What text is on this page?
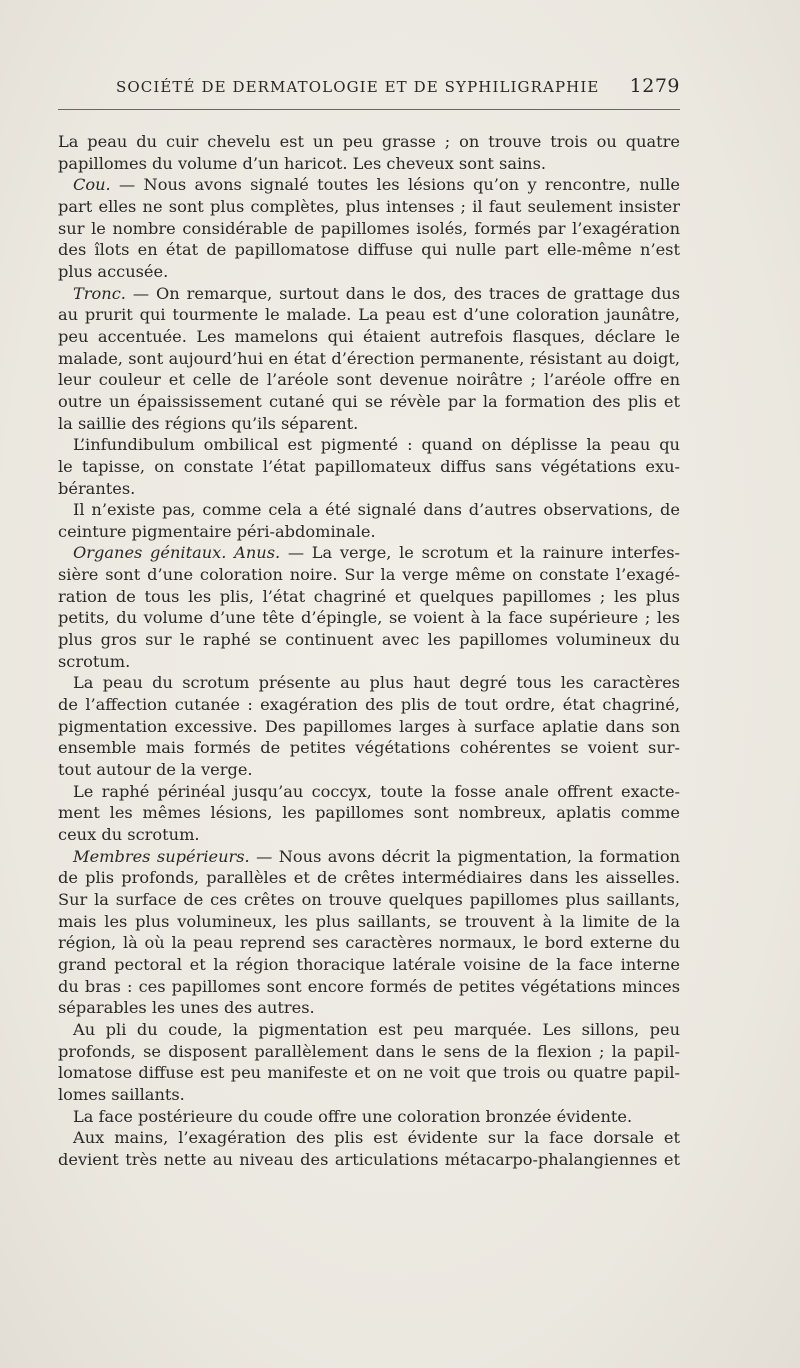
SOCIÉTÉ DE DERMATOLOGIE ET DE SYPHILIGRAPHIE 1279
La peau du cuir chevelu est un peu grasse ; on trouve trois ou quatre
papillomes du volume d’un haricot. Les cheveux sont sains.
Cou. — Nous avons signalé toutes les lésions qu’on y rencontre, nulle
part elles ne sont plus complètes, plus intenses ; il faut seulement insister
sur le nombre considérable de papillomes isolés, formés par l’exagération
des îlots en état de papillomatose diffuse qui nulle part elle-même n’est
plus accusée.
Tronc. — On remarque, surtout dans le dos, des traces de grattage dus
au prurit qui tourmente le malade. La peau est d’une coloration jaunâtre,
peu accentuée. Les mamelons qui étaient autrefois flasques, déclare le
malade, sont aujourd’hui en état d’érection permanente, résistant au doigt,
leur couleur et celle de l’aréole sont devenue noirâtre ; l’aréole offre en
outre un épaississement cutané qui se révèle par la formation des plis et
la saillie des régions qu’ils séparent.
L’infundibulum ombilical est pigmenté : quand on déplisse la peau qu
le tapisse, on constate l’état papillomateux diffus sans végétations exu-
bérantes.
Il n’existe pas, comme cela a été signalé dans d’autres observations, de
ceinture pigmentaire péri-abdominale.
Organes génitaux. Anus. — La verge, le scrotum et la rainure interfes-
sière sont d’une coloration noire. Sur la verge même on constate l’exagé-
ration de tous les plis, l’état chagriné et quelques papillomes ; les plus
petits, du volume d’une tête d’épingle, se voient à la face supérieure ; les
plus gros sur le raphé se continuent avec les papillomes volumineux du
scrotum.
La peau du scrotum présente au plus haut degré tous les caractères
de l’affection cutanée : exagération des plis de tout ordre, état chagriné,
pigmentation excessive. Des papillomes larges à surface aplatie dans son
ensemble mais formés de petites végétations cohérentes se voient sur-
tout autour de la verge.
Le raphé périnéal jusqu’au coccyx, toute la fosse anale offrent exacte-
ment les mêmes lésions, les papillomes sont nombreux, aplatis comme
ceux du scrotum.
Membres supérieurs. — Nous avons décrit la pigmentation, la formation
de plis profonds, parallèles et de crêtes intermédiaires dans les aisselles.
Sur la surface de ces crêtes on trouve quelques papillomes plus saillants,
mais les plus volumineux, les plus saillants, se trouvent à la limite de la
région, là où la peau reprend ses caractères normaux, le bord externe du
grand pectoral et la région thoracique latérale voisine de la face interne
du bras : ces papillomes sont encore formés de petites végétations minces
séparables les unes des autres.
Au pli du coude, la pigmentation est peu marquée. Les sillons, peu
profonds, se disposent parallèlement dans le sens de la flexion ; la papil-
lomatose diffuse est peu manifeste et on ne voit que trois ou quatre papil-
lomes saillants.
La face postérieure du coude offre une coloration bronzée évidente.
Aux mains, l’exagération des plis est évidente sur la face dorsale et
devient très nette au niveau des articulations métacarpo-phalangiennes et
